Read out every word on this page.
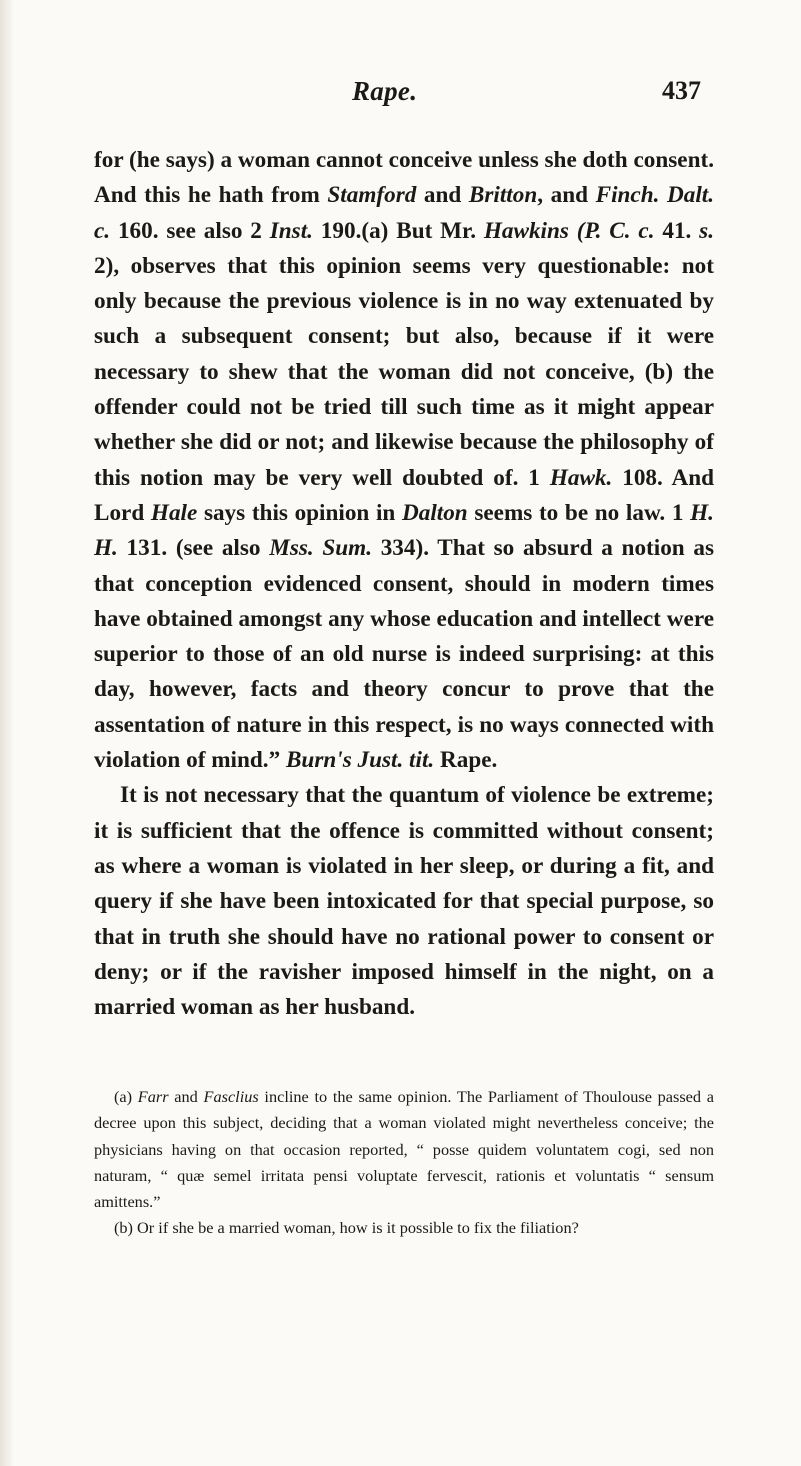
Rape.	437

for (he says) a woman cannot conceive unless she doth consent. And this he hath from Stamford and Britton, and Finch. Dalt. c. 160. see also 2 Inst. 190.(a) But Mr. Hawkins (P. C. c. 41. s. 2), observes that this opinion seems very questionable: not only because the previous violence is in no way extenuated by such a subsequent consent; but also, because if it were necessary to shew that the woman did not conceive, (b) the offender could not be tried till such time as it might appear whether she did or not; and likewise because the philosophy of this notion may be very well doubted of. 1 Hawk. 108. And Lord Hale says this opinion in Dalton seems to be no law. 1 H. H. 131. (see also Mss. Sum. 334). That so absurd a notion as that conception evidenced consent, should in modern times have obtained amongst any whose education and intellect were superior to those of an old nurse is indeed surprising: at this day, however, facts and theory concur to prove that the assentation of nature in this respect, is no ways connected with violation of mind.” Burn's Just. tit. Rape.

It is not necessary that the quantum of violence be extreme; it is sufficient that the offence is committed without consent; as where a woman is violated in her sleep, or during a fit, and query if she have been intoxicated for that special purpose, so that in truth she should have no rational power to consent or deny; or if the ravisher imposed himself in the night, on a married woman as her husband.

(a) Farr and Fasclius incline to the same opinion. The Parliament of Thoulouse passed a decree upon this subject, deciding that a woman violated might nevertheless conceive; the physicians having on that occasion reported, “ posse quidem voluntatem cogi, sed non naturam, “ quæ semel irritata pensi voluptate fervescit, rationis et voluntatis “ sensum amittens.”

(b) Or if she be a married woman, how is it possible to fix the filiation?
